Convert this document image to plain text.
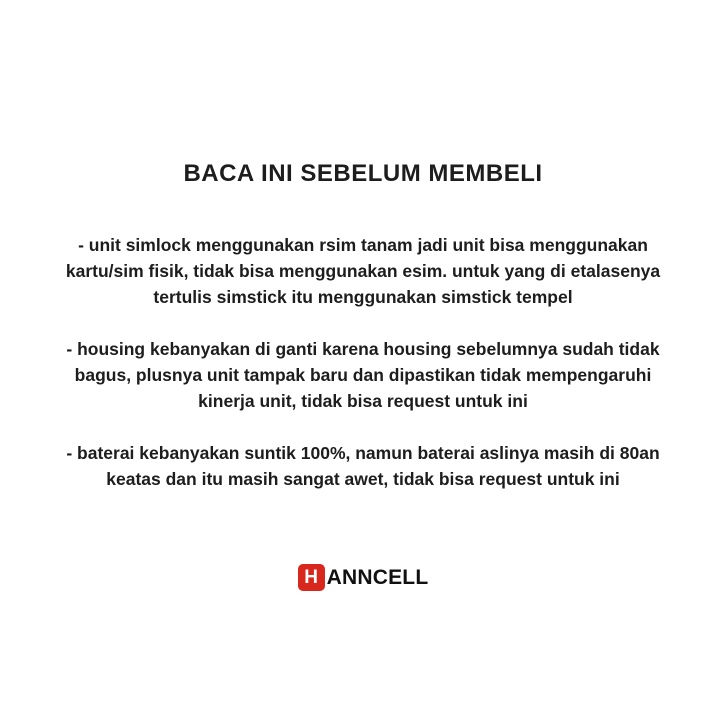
BACA INI SEBELUM MEMBELI

- unit simlock menggunakan rsim tanam jadi unit bisa menggunakan kartu/sim fisik, tidak bisa menggunakan esim. untuk yang di etalasenya tertulis simstick itu menggunakan simstick tempel

- housing kebanyakan di ganti karena housing sebelumnya sudah tidak bagus, plusnya unit tampak baru dan dipastikan tidak mempengaruhi kinerja unit, tidak bisa request untuk ini

- baterai kebanyakan suntik 100%, namun baterai aslinya masih di 80an keatas dan itu masih sangat awet, tidak bisa request untuk ini

H ANNCELL
